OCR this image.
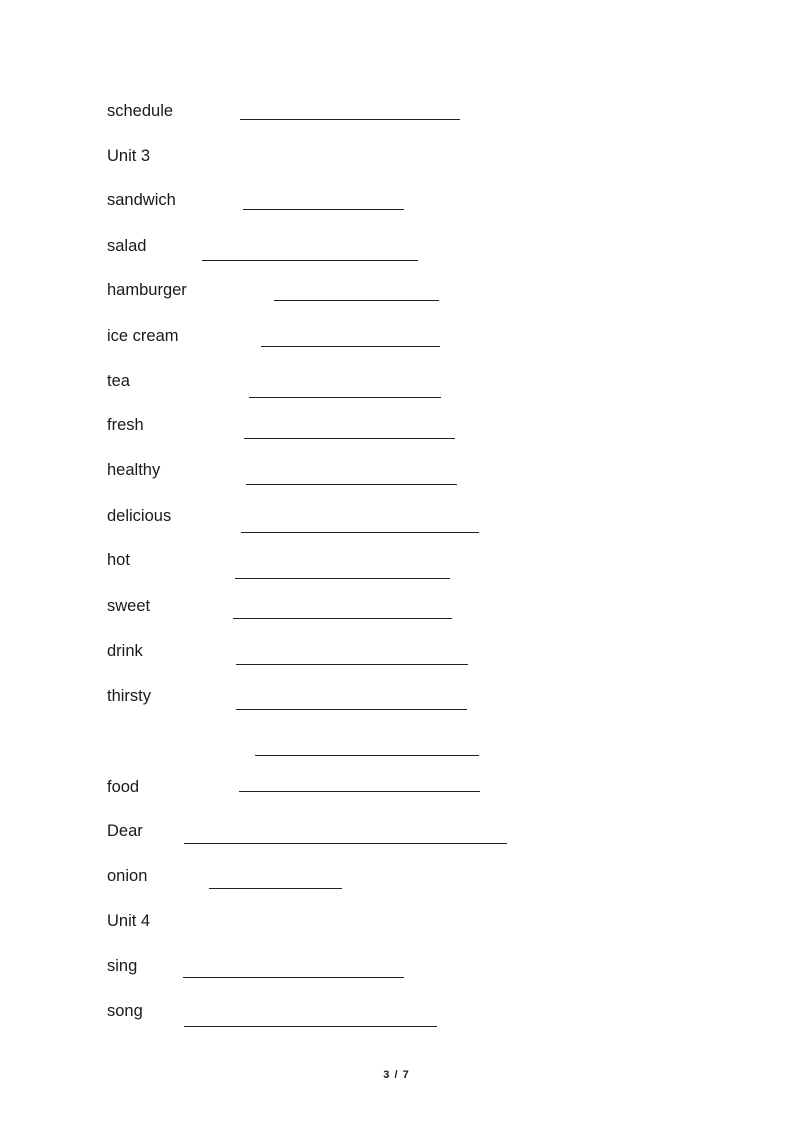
schedule
Unit 3
sandwich
salad
hamburger
ice cream
tea
fresh
healthy
delicious
hot
sweet
drink
thirsty
food
Dear
onion
Unit 4
sing
song
3 / 7
